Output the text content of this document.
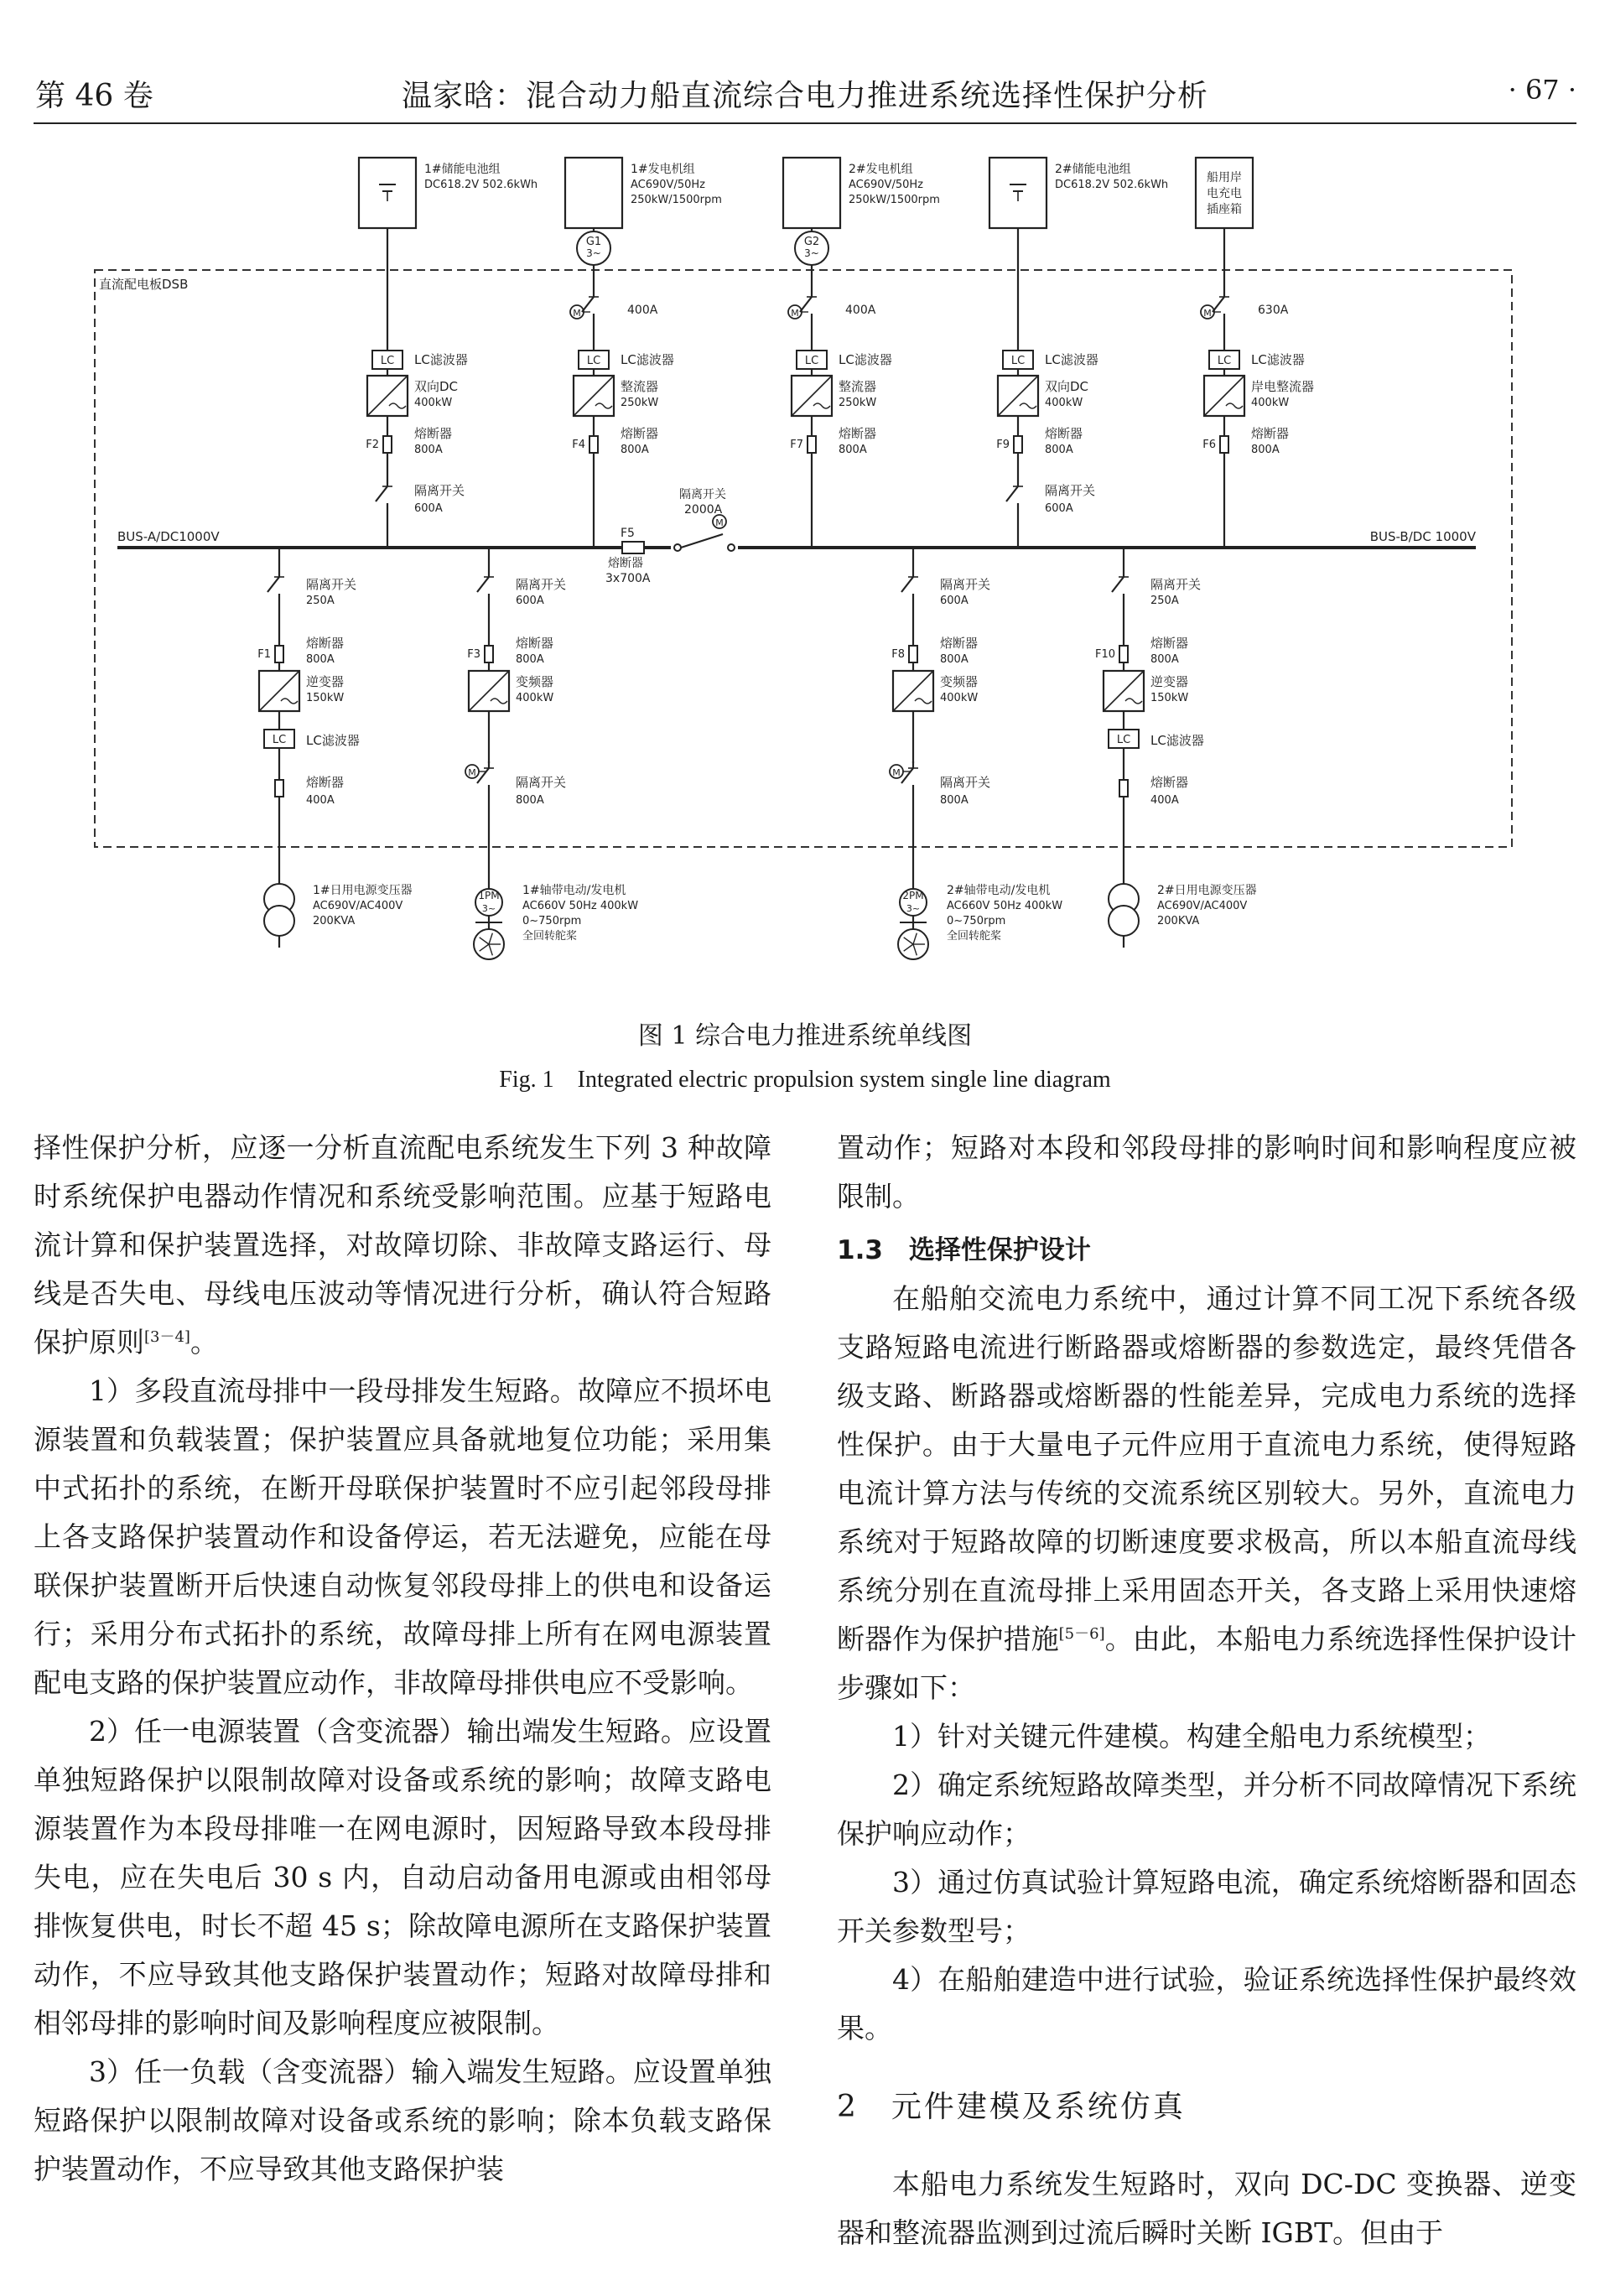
第 46 卷	温家晗：混合动力船直流综合电力推进系统选择性保护分析	· 67 ·
直流配电板DSB
BUS-A/DC1000V	BUS-B/DC 1000V
F5
熔断器
3x700A
M
隔离开关
2000A
1#储能电池组
DC618.2V 502.6kWh
LC LC滤波器
双向DC
400kW
F2
熔断器
800A
隔离开关
600A
G1
3~
1#发电机组
AC690V/50Hz
250kW/1500rpm
M	400A
LC LC滤波器
整流器
250kW
F4
熔断器
800A
G2
3~
2#发电机组
AC690V/50Hz
250kW/1500rpm
M	400A
LC LC滤波器
整流器
250kW
F7
熔断器
800A
2#储能电池组
DC618.2V 502.6kWh
LC LC滤波器
双向DC
400kW
F9
熔断器
800A
隔离开关
600A
船用岸
电充电
插座箱
M	630A
LC LC滤波器
岸电整流器
400kW
F6
熔断器
800A
隔离开关
250A
F1
熔断器
800A
逆变器
150kW
LC LC滤波器
熔断器
400A
1#日用电源变压器
AC690V/AC400V
200KVA
隔离开关
600A
F3
熔断器
800A
变频器
400kW
M
隔离开关
800A
1PM
3~
1#轴带电动/发电机
AC660V 50Hz 400kW
0~750rpm
全回转舵桨
隔离开关
600A
F8
熔断器
800A
变频器
400kW
M
隔离开关
800A
2PM
3~
2#轴带电动/发电机
AC660V 50Hz 400kW
0~750rpm
全回转舵桨
隔离开关
250A
F10
熔断器
800A
逆变器
150kW
LC LC滤波器
熔断器
400A
2#日用电源变压器
AC690V/AC400V
200KVA
图 1 综合电力推进系统单线图
Fig. 1　Integrated electric propulsion system single line diagram

择性保护分析，应逐一分析直流配电系统发生下列 3 种故障时系统保护电器动作情况和系统受影响范围。应基于短路电流计算和保护装置选择，对故障切除、非故障支路运行、母线是否失电、母线电压波动等情况进行分析，确认符合短路保护原则[3－4]。

1）多段直流母排中一段母排发生短路。故障应不损坏电源装置和负载装置；保护装置应具备就地复位功能；采用集中式拓扑的系统，在断开母联保护装置时不应引起邻段母排上各支路保护装置动作和设备停运，若无法避免，应能在母联保护装置断开后快速自动恢复邻段母排上的供电和设备运行；采用分布式拓扑的系统，故障母排上所有在网电源装置配电支路的保护装置应动作，非故障母排供电应不受影响。

2）任一电源装置（含变流器）输出端发生短路。应设置单独短路保护以限制故障对设备或系统的影响；故障支路电源装置作为本段母排唯一在网电源时，因短路导致本段母排失电，应在失电后 30 s 内，自动启动备用电源或由相邻母排恢复供电，时长不超 45 s；除故障电源所在支路保护装置动作，不应导致其他支路保护装置动作；短路对故障母排和相邻母排的影响时间及影响程度应被限制。

3）任一负载（含变流器）输入端发生短路。应设置单独短路保护以限制故障对设备或系统的影响；除本负载支路保护装置动作，不应导致其他支路保护装

置动作；短路对本段和邻段母排的影响时间和影响程度应被限制。

1.3　选择性保护设计

在船舶交流电力系统中，通过计算不同工况下系统各级支路短路电流进行断路器或熔断器的参数选定，最终凭借各级支路、断路器或熔断器的性能差异，完成电力系统的选择性保护。由于大量电子元件应用于直流电力系统，使得短路电流计算方法与传统的交流系统区别较大。另外，直流电力系统对于短路故障的切断速度要求极高，所以本船直流母线系统分别在直流母排上采用固态开关，各支路上采用快速熔断器作为保护措施[5－6]。由此，本船电力系统选择性保护设计步骤如下：

1）针对关键元件建模。构建全船电力系统模型；

2）确定系统短路故障类型，并分析不同故障情况下系统保护响应动作；

3）通过仿真试验计算短路电流，确定系统熔断器和固态开关参数型号；

4）在船舶建造中进行试验，验证系统选择性保护最终效果。

2　元件建模及系统仿真

本船电力系统发生短路时，双向 DC-DC 变换器、逆变器和整流器监测到过流后瞬时关断 IGBT。但由于
